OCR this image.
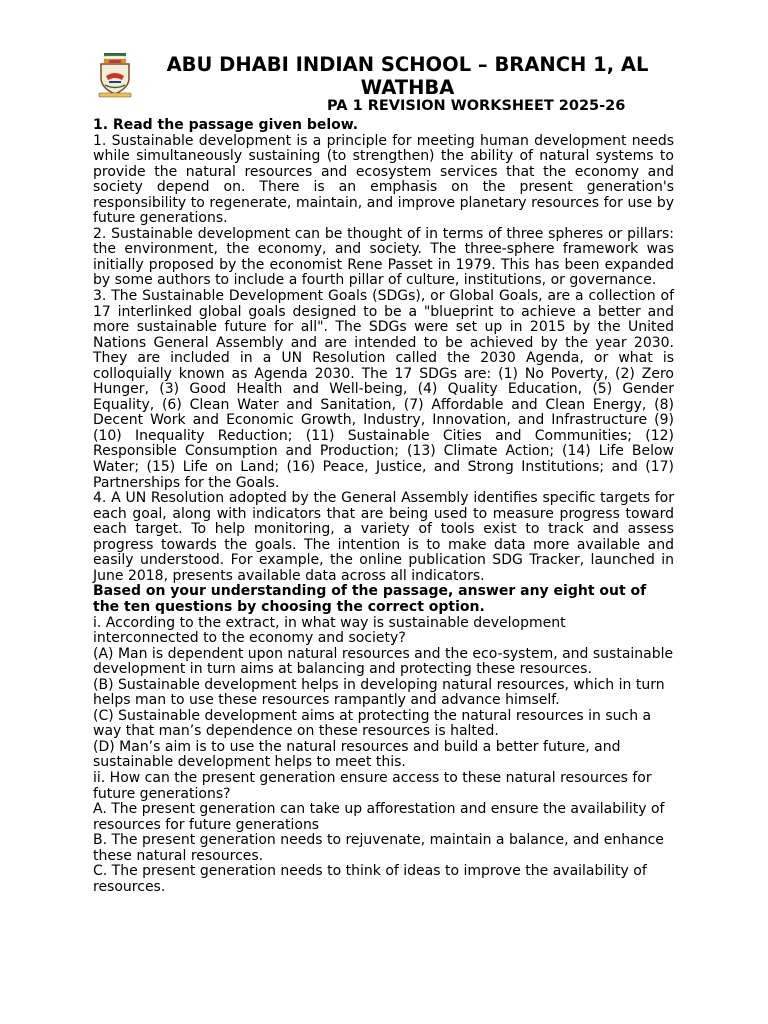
ABU DHABI INDIAN SCHOOL – BRANCH 1, AL WATHBA
PA 1 REVISION WORKSHEET 2025-26

1. Read the passage given below.

1. Sustainable development is a principle for meeting human development needs while simultaneously sustaining (to strengthen) the ability of natural systems to provide the natural resources and ecosystem services that the economy and society depend on. There is an emphasis on the present generation's responsibility to regenerate, maintain, and improve planetary resources for use by future generations.

2. Sustainable development can be thought of in terms of three spheres or pillars: the environment, the economy, and society. The three-sphere framework was initially proposed by the economist Rene Passet in 1979. This has been expanded by some authors to include a fourth pillar of culture, institutions, or governance.

3. The Sustainable Development Goals (SDGs), or Global Goals, are a collection of 17 interlinked global goals designed to be a "blueprint to achieve a better and more sustainable future for all". The SDGs were set up in 2015 by the United Nations General Assembly and are intended to be achieved by the year 2030. They are included in a UN Resolution called the 2030 Agenda, or what is colloquially known as Agenda 2030. The 17 SDGs are: (1) No Poverty, (2) Zero Hunger, (3) Good Health and Well-being, (4) Quality Education, (5) Gender Equality, (6) Clean Water and Sanitation, (7) Affordable and Clean Energy, (8) Decent Work and Economic Growth, Industry, Innovation, and Infrastructure (9) (10) Inequality Reduction; (11) Sustainable Cities and Communities; (12) Responsible Consumption and Production; (13) Climate Action; (14) Life Below Water; (15) Life on Land; (16) Peace, Justice, and Strong Institutions; and (17) Partnerships for the Goals.

4. A UN Resolution adopted by the General Assembly identifies specific targets for each goal, along with indicators that are being used to measure progress toward each target. To help monitoring, a variety of tools exist to track and assess progress towards the goals. The intention is to make data more available and easily understood. For example, the online publication SDG Tracker, launched in June 2018, presents available data across all indicators.

Based on your understanding of the passage, answer any eight out of the ten questions by choosing the correct option.

i. According to the extract, in what way is sustainable development interconnected to the economy and society?

(A) Man is dependent upon natural resources and the eco-system, and sustainable development in turn aims at balancing and protecting these resources.

(B) Sustainable development helps in developing natural resources, which in turn helps man to use these resources rampantly and advance himself.

(C) Sustainable development aims at protecting the natural resources in such a way that man’s dependence on these resources is halted.

(D) Man’s aim is to use the natural resources and build a better future, and sustainable development helps to meet this.

ii. How can the present generation ensure access to these natural resources for future generations?

A. The present generation can take up afforestation and ensure the availability of resources for future generations

B. The present generation needs to rejuvenate, maintain a balance, and enhance these natural resources.

C. The present generation needs to think of ideas to improve the availability of resources.
